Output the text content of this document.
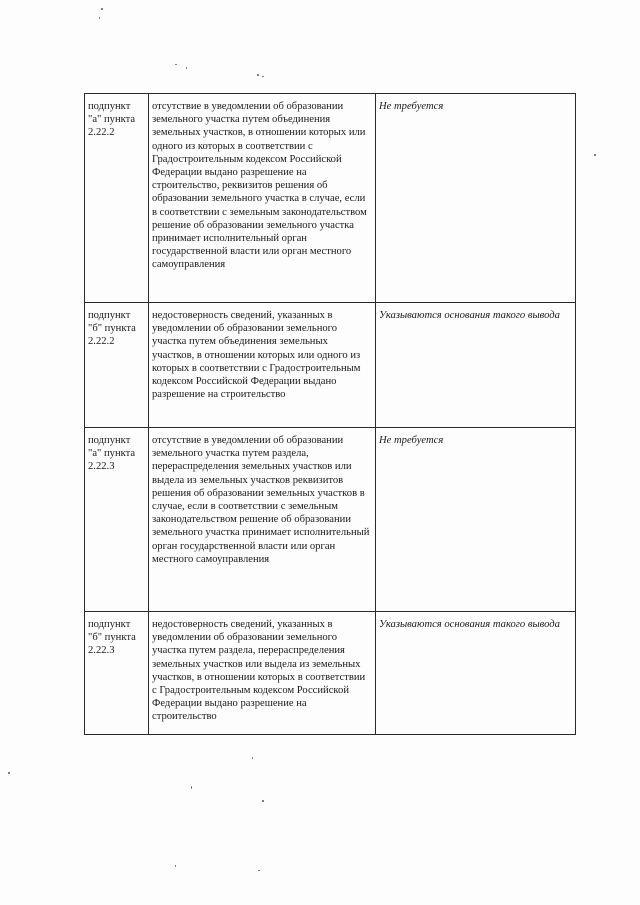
подпункт "а" пункта 2.22.2	отсутствие в уведомлении об образовании земельного участка путем объединения земельных участков, в отношении которых или одного из которых в соответствии с Градостроительным кодексом Российской Федерации выдано разрешение на строительство, реквизитов решения об образовании земельного участка в случае, если в соответствии с земельным законодательством решение об образовании земельного участка принимает исполнительный орган государственной власти или орган местного самоуправления	Не требуется
подпункт "б" пункта 2.22.2	недостоверность сведений, указанных в уведомлении об образовании земельного участка путем объединения земельных участков, в отношении которых или одного из которых в соответствии с Градостроительным кодексом Российской Федерации выдано разрешение на строительство	Указываются основания такого вывода
подпункт "а" пункта 2.22.3	отсутствие в уведомлении об образовании земельного участка путем раздела, перераспределения земельных участков или выдела из земельных участков реквизитов решения об образовании земельных участков в случае, если в соответствии с земельным законодательством решение об образовании земельного участка принимает исполнительный орган государственной власти или орган местного самоуправления	Не требуется
подпункт "б" пункта 2.22.3	недостоверность сведений, указанных в уведомлении об образовании земельного участка путем раздела, перераспределения земельных участков или выдела из земельных участков, в отношении которых в соответствии с Градостроительным кодексом Российской Федерации выдано разрешение на строительство	Указываются основания такого вывода
